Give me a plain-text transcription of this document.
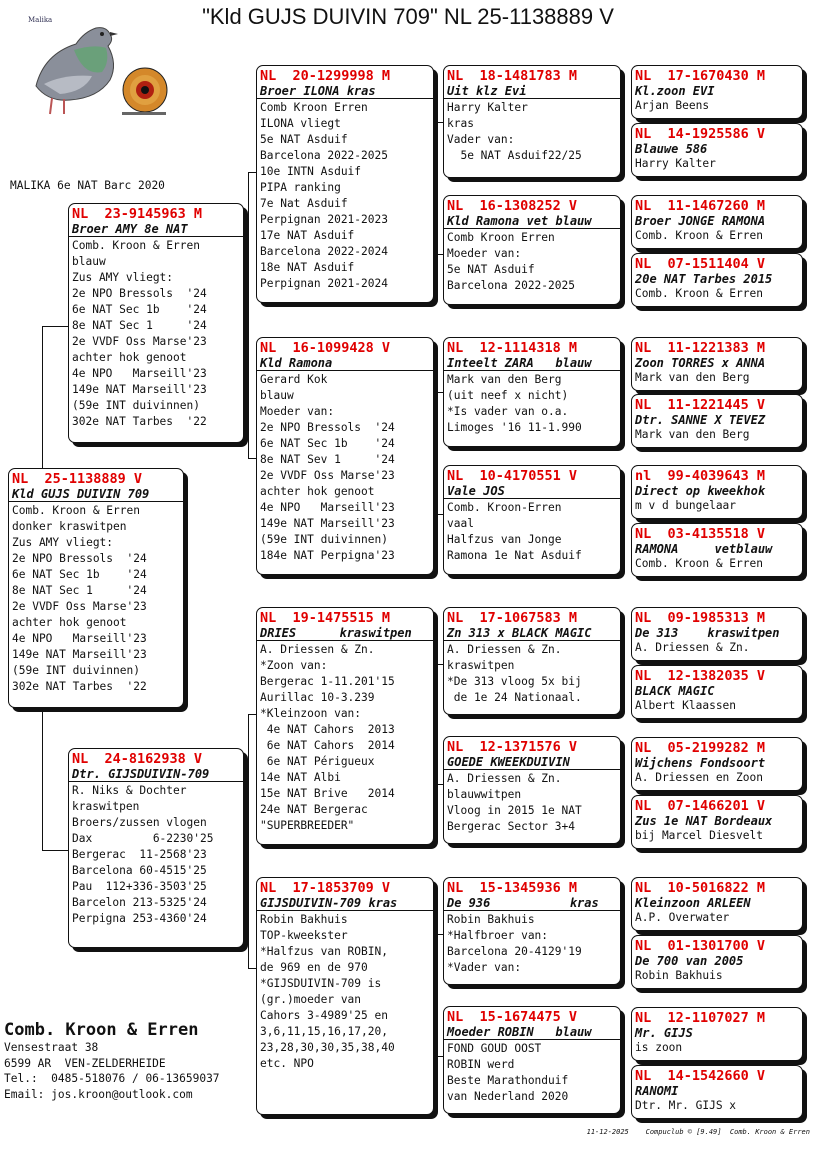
"Kld GUJS DUIVIN 709" NL 25-1138889 V
Malika
MALIKA 6e NAT Barc 2020
NL  25-1138889 V
Kld GUJS DUIVIN 709
Comb. Kroon & Erren
donker kraswitpen
Zus AMY vliegt:
2e NPO Bressols  '24
6e NAT Sec 1b    '24
8e NAT Sec 1     '24
2e VVDF Oss Marse'23
achter hok genoot
4e NPO   Marseill'23
149e NAT Marseill'23
(59e INT duivinnen)
302e NAT Tarbes  '22
NL  23-9145963 M
Broer AMY 8e NAT
Comb. Kroon & Erren
blauw
Zus AMY vliegt:
2e NPO Bressols  '24
6e NAT Sec 1b    '24
8e NAT Sec 1     '24
2e VVDF Oss Marse'23
achter hok genoot
4e NPO   Marseill'23
149e NAT Marseill'23
(59e INT duivinnen)
302e NAT Tarbes  '22
NL  24-8162938 V
Dtr. GIJSDUIVIN-709
R. Niks & Dochter
kraswitpen
Broers/zussen vlogen
Dax         6-2230'25
Bergerac  11-2568'23
Barcelona 60-4515'25
Pau  112+336-3503'25
Barcelon 213-5325'24
Perpigna 253-4360'24
NL  20-1299998 M
Broer ILONA kras
Comb Kroon Erren
ILONA vliegt
5e NAT Asduif
Barcelona 2022-2025
10e INTN Asduif
PIPA ranking
7e Nat Asduif
Perpignan 2021-2023
17e NAT Asduif
Barcelona 2022-2024
18e NAT Asduif
Perpignan 2021-2024
NL  16-1099428 V
Kld Ramona
Gerard Kok
blauw
Moeder van:
2e NPO Bressols  '24
6e NAT Sec 1b    '24
8e NAT Sev 1     '24
2e VVDF Oss Marse'23
achter hok genoot
4e NPO   Marseill'23
149e NAT Marseill'23
(59e INT duivinnen)
184e NAT Perpigna'23
NL  19-1475515 M
DRIES      kraswitpen
A. Driessen & Zn.
*Zoon van:
Bergerac 1-11.201'15
Aurillac 10-3.239
*Kleinzoon van:
4e NAT Cahors  2013
6e NAT Cahors  2014
6e NAT Périgueux
14e NAT Albi
15e NAT Brive   2014
24e NAT Bergerac
"SUPERBREEDER"
NL  17-1853709 V
GIJSDUIVIN-709 kras
Robin Bakhuis
TOP-kweekster
*Halfzus van ROBIN,
de 969 en de 970
*GIJSDUIVIN-709 is
(gr.)moeder van
Cahors 3-4989'25 en
3,6,11,15,16,17,20,
23,28,30,30,35,38,40
etc. NPO
NL  18-1481783 M
Uit klz Evi
Harry Kalter
kras
Vader van:
5e NAT Asduif22/25
NL  16-1308252 V
Kld Ramona vet blauw
Comb Kroon Erren
Moeder van:
5e NAT Asduif
Barcelona 2022-2025
NL  12-1114318 M
Inteelt ZARA   blauw
Mark van den Berg
(uit neef x nicht)
*Is vader van o.a.
Limoges '16 11-1.990
NL  10-4170551 V
Vale JOS
Comb. Kroon-Erren
vaal
Halfzus van Jonge
Ramona 1e Nat Asduif
NL  17-1067583 M
Zn 313 x BLACK MAGIC
A. Driessen & Zn.
kraswitpen
*De 313 vloog 5x bij
de 1e 24 Nationaal.
NL  12-1371576 V
GOEDE KWEEKDUIVIN
A. Driessen & Zn.
blauwwitpen
Vloog in 2015 1e NAT
Bergerac Sector 3+4
NL  15-1345936 M
De 936           kras
Robin Bakhuis
*Halfbroer van:
Barcelona 20-4129'19
*Vader van:
NL  15-1674475 V
Moeder ROBIN   blauw
FOND GOUD OOST
ROBIN werd
Beste Marathonduif
van Nederland 2020
NL  17-1670430 M
Kl.zoon EVI
Arjan Beens
NL  14-1925586 V
Blauwe 586
Harry Kalter
NL  11-1467260 M
Broer JONGE RAMONA
Comb. Kroon & Erren
NL  07-1511404 V
20e NAT Tarbes 2015
Comb. Kroon & Erren
NL  11-1221383 M
Zoon TORRES x ANNA
Mark van den Berg
NL  11-1221445 V
Dtr. SANNE X TEVEZ
Mark van den Berg
nl  99-4039643 M
Direct op kweekhok
m v d bungelaar
NL  03-4135518 V
RAMONA     vetblauw
Comb. Kroon & Erren
NL  09-1985313 M
De 313    kraswitpen
A. Driessen & Zn.
NL  12-1382035 V
BLACK MAGIC
Albert Klaassen
NL  05-2199282 M
Wijchens Fondsoort
A. Driessen en Zoon
NL  07-1466201 V
Zus 1e NAT Bordeaux
bij Marcel Diesvelt
NL  10-5016822 M
Kleinzoon ARLEEN
A.P. Overwater
NL  01-1301700 V
De 700 van 2005
Robin Bakhuis
NL  12-1107027 M
Mr. GIJS
is zoon
NL  14-1542660 V
RANOMI
Dtr. Mr. GIJS x
Comb. Kroon & Erren
Vensestraat 38
6599 AR  VEN-ZELDERHEIDE
Tel.:  0485-518076 / 06-13659037
Email: jos.kroon@outlook.com
11-12-2025    Compuclub © [9.49]  Comb. Kroon & Erren
